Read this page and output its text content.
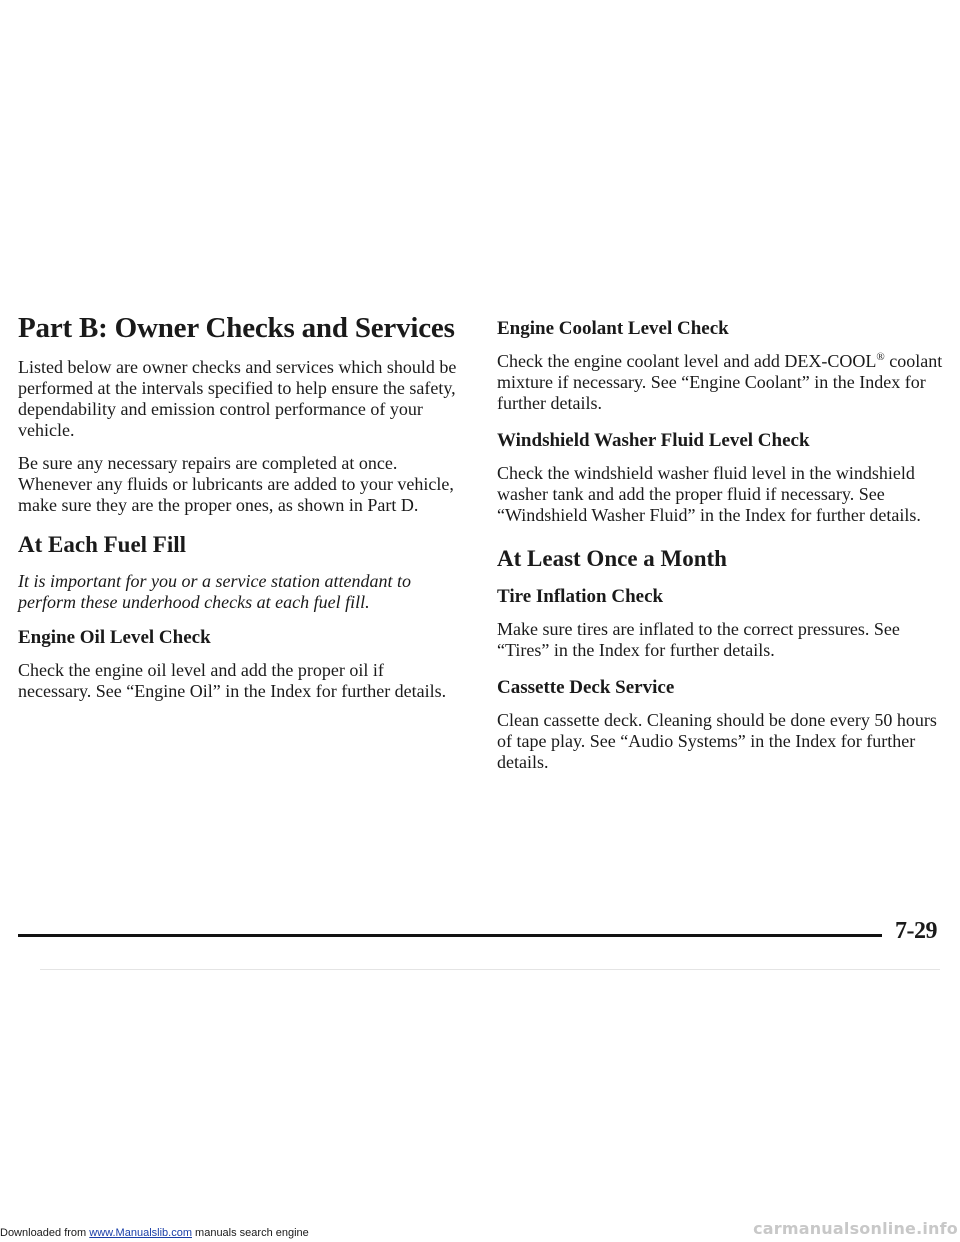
Part B: Owner Checks and Services

Listed below are owner checks and services which should be performed at the intervals specified to help ensure the safety, dependability and emission control performance of your vehicle.

Be sure any necessary repairs are completed at once. Whenever any fluids or lubricants are added to your vehicle, make sure they are the proper ones, as shown in Part D.

At Each Fuel Fill

It is important for you or a service station attendant to perform these underhood checks at each fuel fill.

Engine Oil Level Check

Check the engine oil level and add the proper oil if necessary. See “Engine Oil” in the Index for further details.

Engine Coolant Level Check

Check the engine coolant level and add DEX-COOL® coolant mixture if necessary. See “Engine Coolant” in the Index for further details.

Windshield Washer Fluid Level Check

Check the windshield washer fluid level in the windshield washer tank and add the proper fluid if necessary. See “Windshield Washer Fluid” in the Index for further details.

At Least Once a Month
Tire Inflation Check

Make sure tires are inflated to the correct pressures. See “Tires” in the Index for further details.

Cassette Deck Service

Clean cassette deck. Cleaning should be done every 50 hours of tape play. See “Audio Systems” in the Index for further details.

7-29
Downloaded from www.Manualslib.com manuals search engine	carmanualsonline.info
